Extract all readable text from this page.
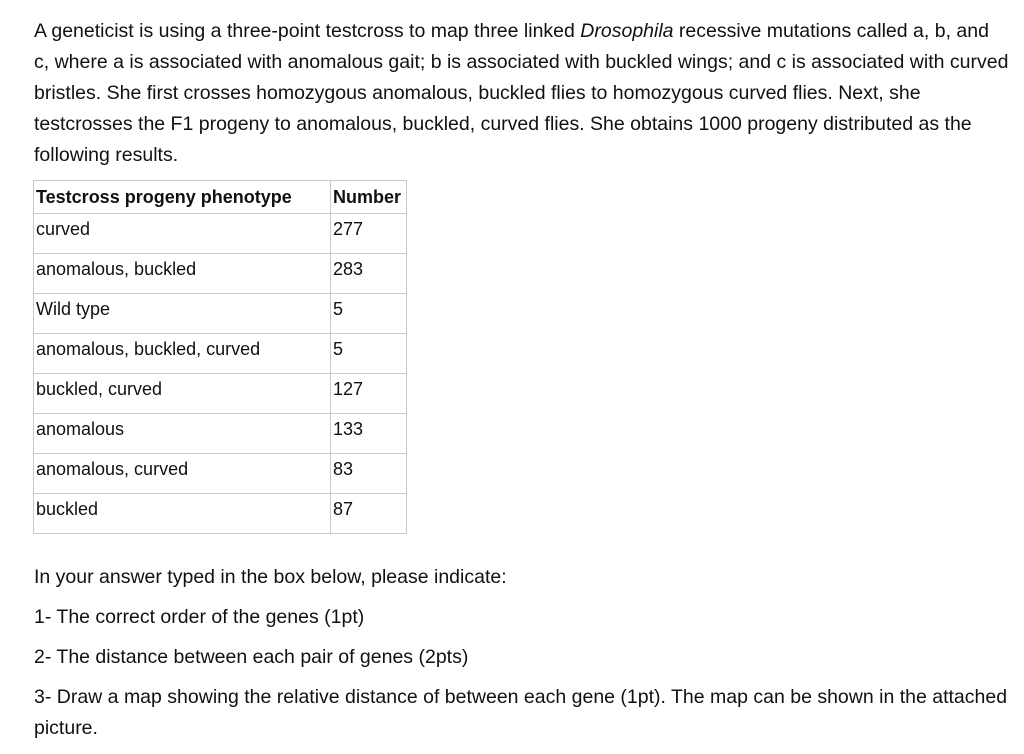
A geneticist is using a three-point testcross to map three linked Drosophila recessive mutations called a, b, and c, where a is associated with anomalous gait; b is associated with buckled wings; and c is associated with curved bristles. She first crosses homozygous anomalous, buckled flies to homozygous curved flies. Next, she testcrosses the F1 progeny to anomalous, buckled, curved flies. She obtains 1000 progeny distributed as the following results.

Testcross progeny phenotype	Number
curved	277
anomalous, buckled	283
Wild type	5
anomalous, buckled, curved	5
buckled, curved	127
anomalous	133
anomalous, curved	83
buckled	87

In your answer typed in the box below, please indicate:

1- The correct order of the genes (1pt)

2- The distance between each pair of genes (2pts)

3- Draw a map showing the relative distance of between each gene (1pt). The map can be shown in the attached picture.
